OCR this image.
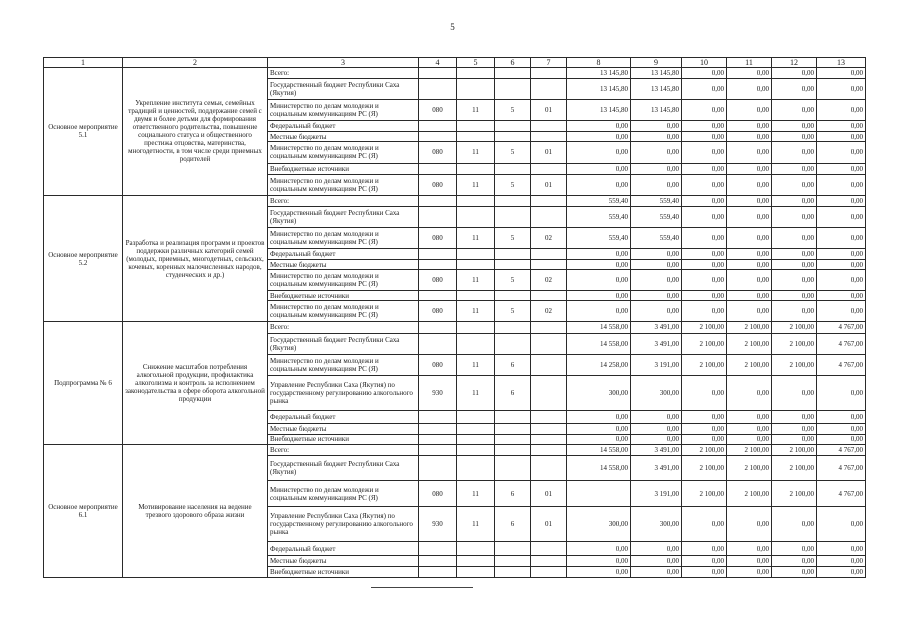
5
1	2	3	4	5	6	7	8	9	10	11	12	13
Основное мероприятие 5.1	Укрепление института семьи, семейных традиций и ценностей, поддержание семей с двумя и более детьми для формирования ответственного родительства, повышение социального статуса и общественного престижа отцовства, материнства, многодетности, в том числе среди приемных родителей	Всего:					13 145,80	13 145,80	0,00	0,00	0,00	0,00
		Государственный бюджет Республики Саха (Якутия)					13 145,80	13 145,80	0,00	0,00	0,00	0,00
		Министерство по делам молодежи и социальным коммуникациям РС (Я)	080	11	5	01	13 145,80	13 145,80	0,00	0,00	0,00	0,00
		Федеральный бюджет					0,00	0,00	0,00	0,00	0,00	0,00
		Местные бюджеты					0,00	0,00	0,00	0,00	0,00	0,00
		Министерство по делам молодежи и социальным коммуникациям РС (Я)	080	11	5	01	0,00	0,00	0,00	0,00	0,00	0,00
		Внебюджетные источники					0,00	0,00	0,00	0,00	0,00	0,00
		Министерство по делам молодежи и социальным коммуникациям РС (Я)	080	11	5	01	0,00	0,00	0,00	0,00	0,00	0,00
Основное мероприятие 5.2	Разработка и реализация программ и проектов поддержки различных категорий семей (молодых, приемных, многодетных, сельских, кочевых, коренных малочисленных народов, студенческих и др.)	Всего:					559,40	559,40	0,00	0,00	0,00	0,00
		Государственный бюджет Республики Саха (Якутия)					559,40	559,40	0,00	0,00	0,00	0,00
		Министерство по делам молодежи и социальным коммуникациям РС (Я)	080	11	5	02	559,40	559,40	0,00	0,00	0,00	0,00
		Федеральный бюджет					0,00	0,00	0,00	0,00	0,00	0,00
		Местные бюджеты					0,00	0,00	0,00	0,00	0,00	0,00
		Министерство по делам молодежи и социальным коммуникациям РС (Я)	080	11	5	02	0,00	0,00	0,00	0,00	0,00	0,00
		Внебюджетные источники					0,00	0,00	0,00	0,00	0,00	0,00
		Министерство по делам молодежи и социальным коммуникациям РС (Я)	080	11	5	02	0,00	0,00	0,00	0,00	0,00	0,00
Подпрограмма № 6	Снижение масштабов потребления алкогольной продукции, профилактика алкоголизма и контроль за исполнением законодательства в сфере оборота алкогольной продукции	Всего:					14 558,00	3 491,00	2 100,00	2 100,00	2 100,00	4 767,00
		Государственный бюджет Республики Саха (Якутия)					14 558,00	3 491,00	2 100,00	2 100,00	2 100,00	4 767,00
		Министерство по делам молодежи и социальным коммуникациям РС (Я)	080	11	6		14 258,00	3 191,00	2 100,00	2 100,00	2 100,00	4 767,00
		Управление Республики Саха (Якутия) по государственному регулированию алкогольного рынка	930	11	6		300,00	300,00	0,00	0,00	0,00	0,00
		Федеральный бюджет					0,00	0,00	0,00	0,00	0,00	0,00
		Местные бюджеты					0,00	0,00	0,00	0,00	0,00	0,00
		Внебюджетные источники					0,00	0,00	0,00	0,00	0,00	0,00
Основное мероприятие 6.1	Мотивирование населения на ведение трезвого здорового образа жизни	Всего:					14 558,00	3 491,00	2 100,00	2 100,00	2 100,00	4 767,00
		Государственный бюджет Республики Саха (Якутия)					14 558,00	3 491,00	2 100,00	2 100,00	2 100,00	4 767,00
		Министерство по делам молодежи и социальным коммуникациям РС (Я)	080	11	6	01		3 191,00	2 100,00	2 100,00	2 100,00	4 767,00
		Управление Республики Саха (Якутия) по государственному регулированию алкогольного рынка	930	11	6	01	300,00	300,00	0,00	0,00	0,00	0,00
		Федеральный бюджет					0,00	0,00	0,00	0,00	0,00	0,00
		Местные бюджеты					0,00	0,00	0,00	0,00	0,00	0,00
		Внебюджетные источники					0,00	0,00	0,00	0,00	0,00	0,00
